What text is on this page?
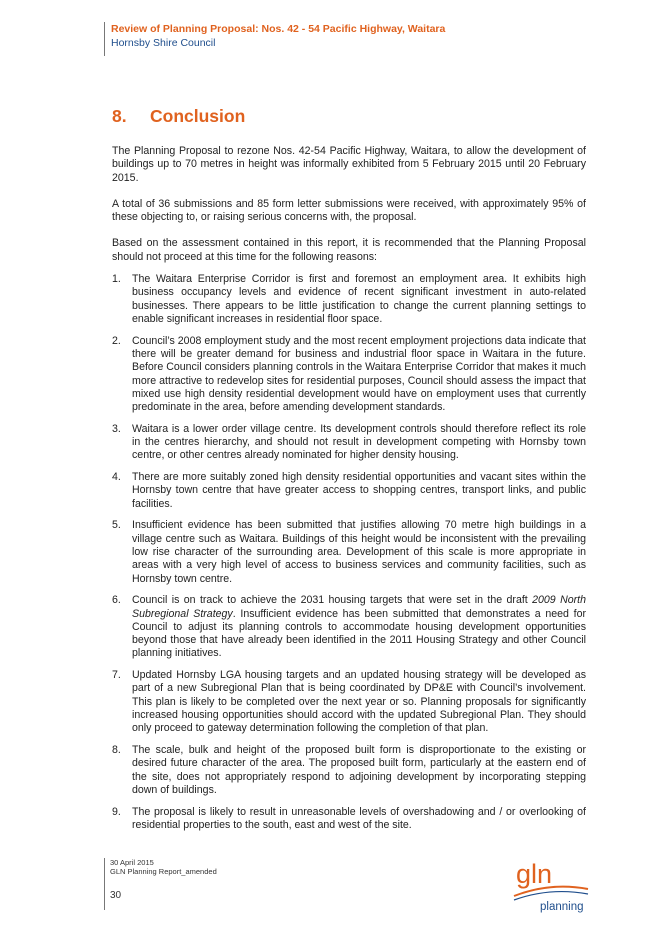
Review of Planning Proposal: Nos. 42 - 54 Pacific Highway, Waitara
Hornsby Shire Council
8.	Conclusion

The Planning Proposal to rezone Nos. 42-54 Pacific Highway, Waitara, to allow the development of buildings up to 70 metres in height was informally exhibited from 5 February 2015 until 20 February 2015.

A total of 36 submissions and 85 form letter submissions were received, with approximately 95% of these objecting to, or raising serious concerns with, the proposal.

Based on the assessment contained in this report, it is recommended that the Planning Proposal should not proceed at this time for the following reasons:

1.	The Waitara Enterprise Corridor is first and foremost an employment area. It exhibits high business occupancy levels and evidence of recent significant investment in auto-related businesses. There appears to be little justification to change the current planning settings to enable significant increases in residential floor space.
2.	Council’s 2008 employment study and the most recent employment projections data indicate that there will be greater demand for business and industrial floor space in Waitara in the future. Before Council considers planning controls in the Waitara Enterprise Corridor that makes it much more attractive to redevelop sites for residential purposes, Council should assess the impact that mixed use high density residential development would have on employment uses that currently predominate in the area, before amending development standards.
3.	Waitara is a lower order village centre. Its development controls should therefore reflect its role in the centres hierarchy, and should not result in development competing with Hornsby town centre, or other centres already nominated for higher density housing.
4.	There are more suitably zoned high density residential opportunities and vacant sites within the Hornsby town centre that have greater access to shopping centres, transport links, and public facilities.
5.	Insufficient evidence has been submitted that justifies allowing 70 metre high buildings in a village centre such as Waitara. Buildings of this height would be inconsistent with the prevailing low rise character of the surrounding area. Development of this scale is more appropriate in areas with a very high level of access to business services and community facilities, such as Hornsby town centre.
6.	Council is on track to achieve the 2031 housing targets that were set in the draft 2009 North Subregional Strategy. Insufficient evidence has been submitted that demonstrates a need for Council to adjust its planning controls to accommodate housing development opportunities beyond those that have already been identified in the 2011 Housing Strategy and other Council planning initiatives.
7.	Updated Hornsby LGA housing targets and an updated housing strategy will be developed as part of a new Subregional Plan that is being coordinated by DP&E with Council’s involvement. This plan is likely to be completed over the next year or so. Planning proposals for significantly increased housing opportunities should accord with the updated Subregional Plan. They should only proceed to gateway determination following the completion of that plan.
8.	The scale, bulk and height of the proposed built form is disproportionate to the existing or desired future character of the area. The proposed built form, particularly at the eastern end of the site, does not appropriately respond to adjoining development by incorporating stepping down of buildings.
9.	The proposal is likely to result in unreasonable levels of overshadowing and / or overlooking of residential properties to the south, east and west of the site.
30 April 2015
GLN Planning Report_amended
30
gln
planning
